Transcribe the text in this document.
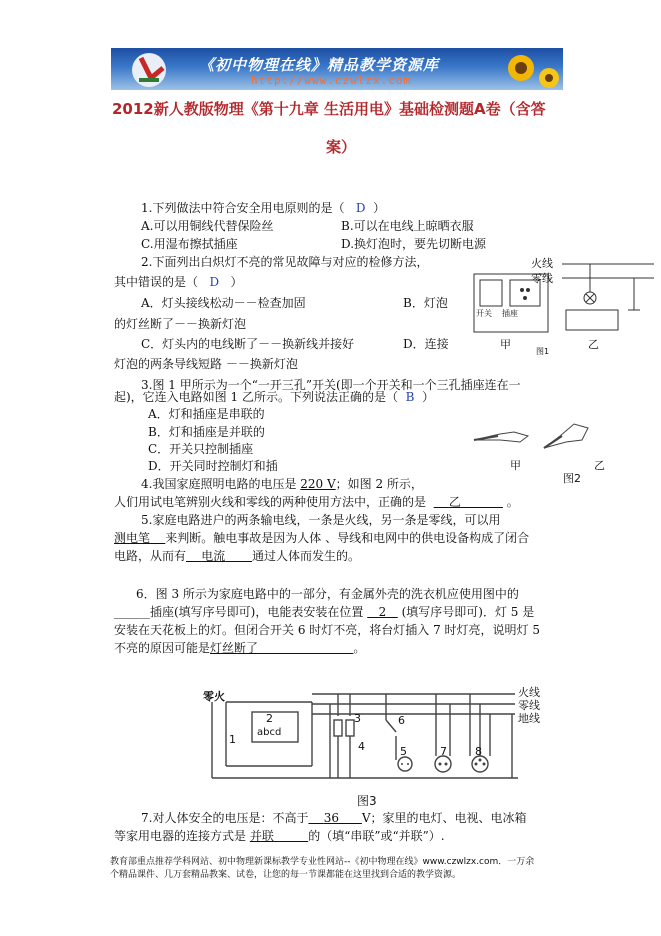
《初中物理在线》精品教学资源库
http://www.czwlzx.com
2012新人教版物理《第十九章 生活用电》基础检测题A卷（含答
案）
1.下列做法中符合安全用电原则的是（ D ）
A.可以用铜线代替保险丝	B.可以在电线上晾晒衣服
C.用湿布擦拭插座	D.换灯泡时，要先切断电源
2.下面列出白炽灯不亮的常见故障与对应的检修方法，
其中错误的是（ D ）
A．灯头接线松动－－检查加固	B．灯泡
的灯丝断了－－换新灯泡
C．灯头内的电线断了－－换新线并接好	D．连接
灯泡的两条导线短路 －－换新灯泡
火线
零线
开关 插座
甲
图1
乙
3.图 1 甲所示为一个“一开三孔”开关(即一个开关和一个三孔插座连在一
起)，它连入电路如图 1 乙所示。下列说法正确的是（ B ）
A．灯和插座是串联的
B．灯和插座是并联的
C．开关只控制插座
D．开关同时控制灯和插	甲
图2
乙
4.我国家庭照明电路的电压是 220 V；如图 2 所示，
人们用试电笔辨别火线和零线的两种使用方法中，正确的是 乙	。
5.家庭电路进户的两条输电线，一条是火线，另一条是零线，可以用
测电笔 来判断。触电事故是因为人体 、导线和电网中的供电设备构成了闭合
电路，从而有 电流 通过人体而发生的。
6．图 3 所示为家庭电路中的一部分，有金属外壳的洗衣机应使用图中的
______插座(填写序号即可)，电能表安装在位置 2 (填写序号即可)．灯 5 是
安装在天花板上的灯。但闭合开关 6 时灯不亮，将台灯插入 7 时灯亮，说明灯 5
不亮的原因可能是灯丝断了	。
零火	火线
零线
地线
1
2
abcd
3
4
6
5	7	8
图3
7.对人体安全的电压是：不高于 36 V；家里的电灯、电视、电冰箱
等家用电器的连接方式是 并联	的（填“串联”或“并联”）.
教育部重点推荐学科网站、初中物理新课标教学专业性网站--《初中物理在线》www.czwlzx.com．一万余
个精品课件、几万套精品教案、试卷，让您的每一节课都能在这里找到合适的教学资源。
